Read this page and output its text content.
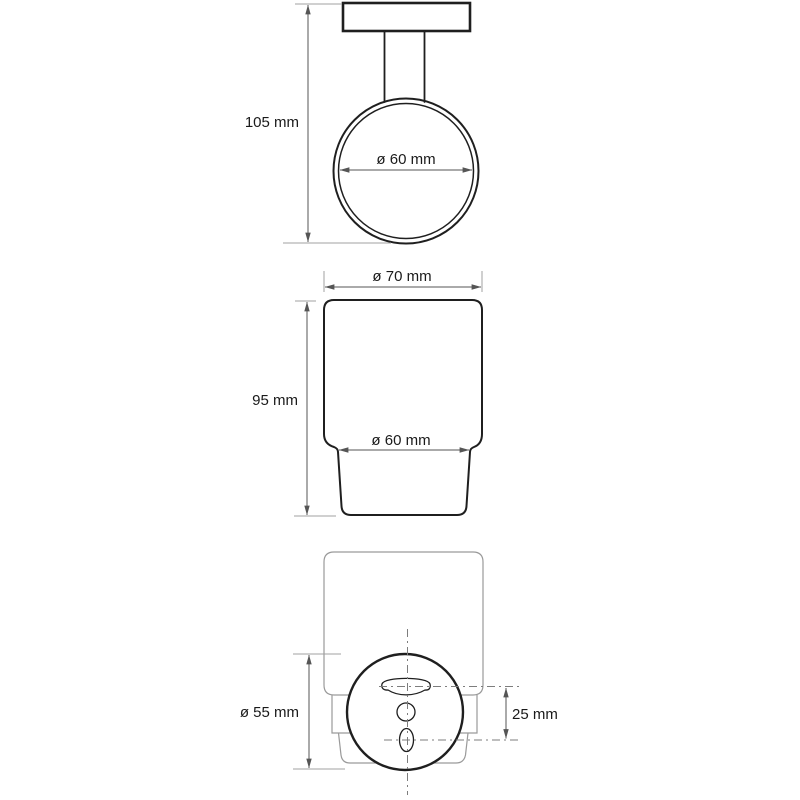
105 mm
ø 60 mm
ø 70 mm
95 mm
ø 60 mm
ø 55 mm	25 mm
